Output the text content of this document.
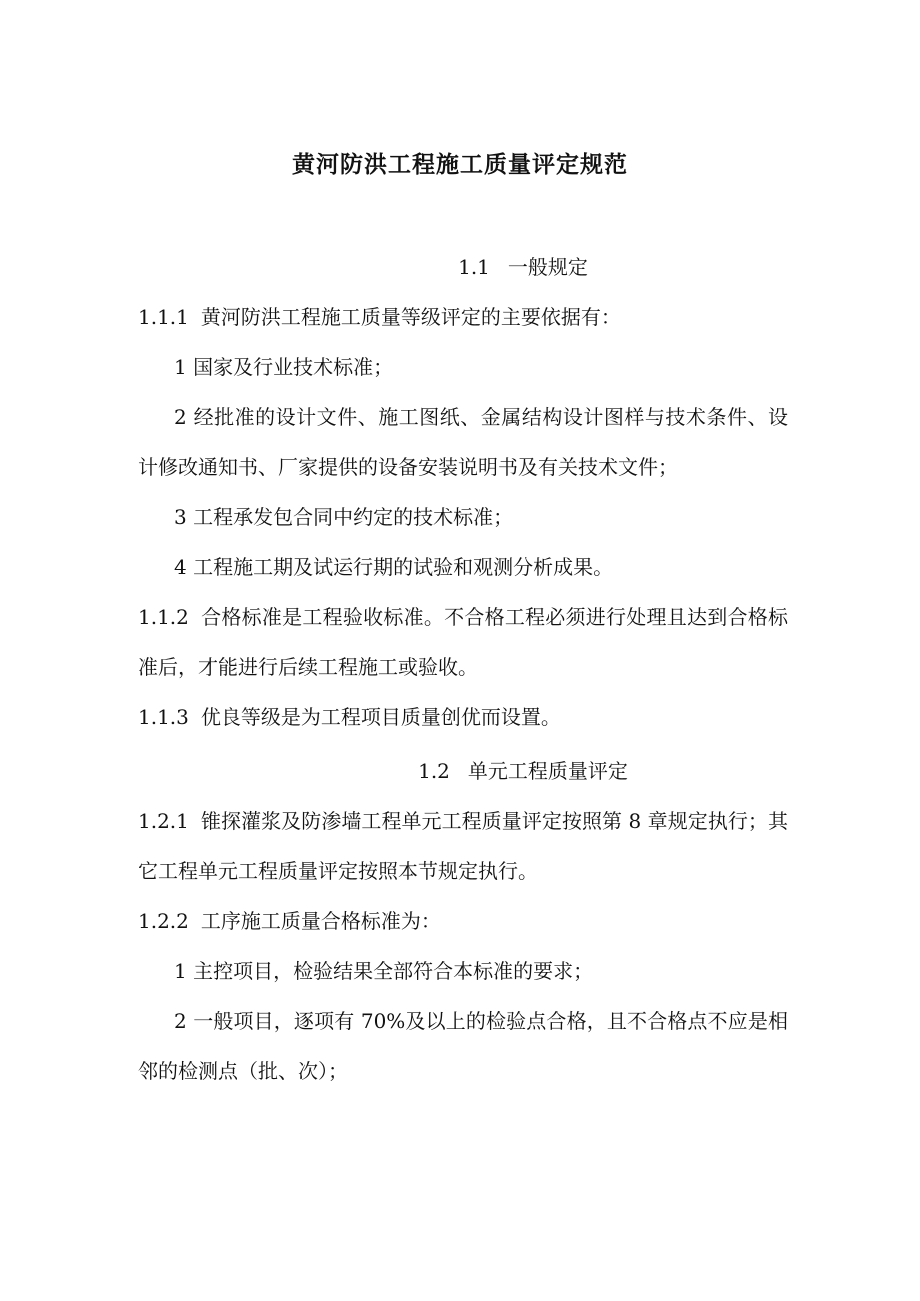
黄河防洪工程施工质量评定规范
1.1 一般规定

1.1.1 黄河防洪工程施工质量等级评定的主要依据有：

1 国家及行业技术标准；

2 经批准的设计文件、施工图纸、金属结构设计图样与技术条件、设计修改通知书、厂家提供的设备安装说明书及有关技术文件；

3 工程承发包合同中约定的技术标准；

4 工程施工期及试运行期的试验和观测分析成果。

1.1.2 合格标准是工程验收标准。不合格工程必须进行处理且达到合格标准后，才能进行后续工程施工或验收。

1.1.3 优良等级是为工程项目质量创优而设置。

1.2 单元工程质量评定

1.2.1 锥探灌浆及防渗墙工程单元工程质量评定按照第 8 章规定执行；其它工程单元工程质量评定按照本节规定执行。

1.2.2 工序施工质量合格标准为：

1 主控项目，检验结果全部符合本标准的要求；

2 一般项目，逐项有 70%及以上的检验点合格，且不合格点不应是相邻的检测点（批、次）；
